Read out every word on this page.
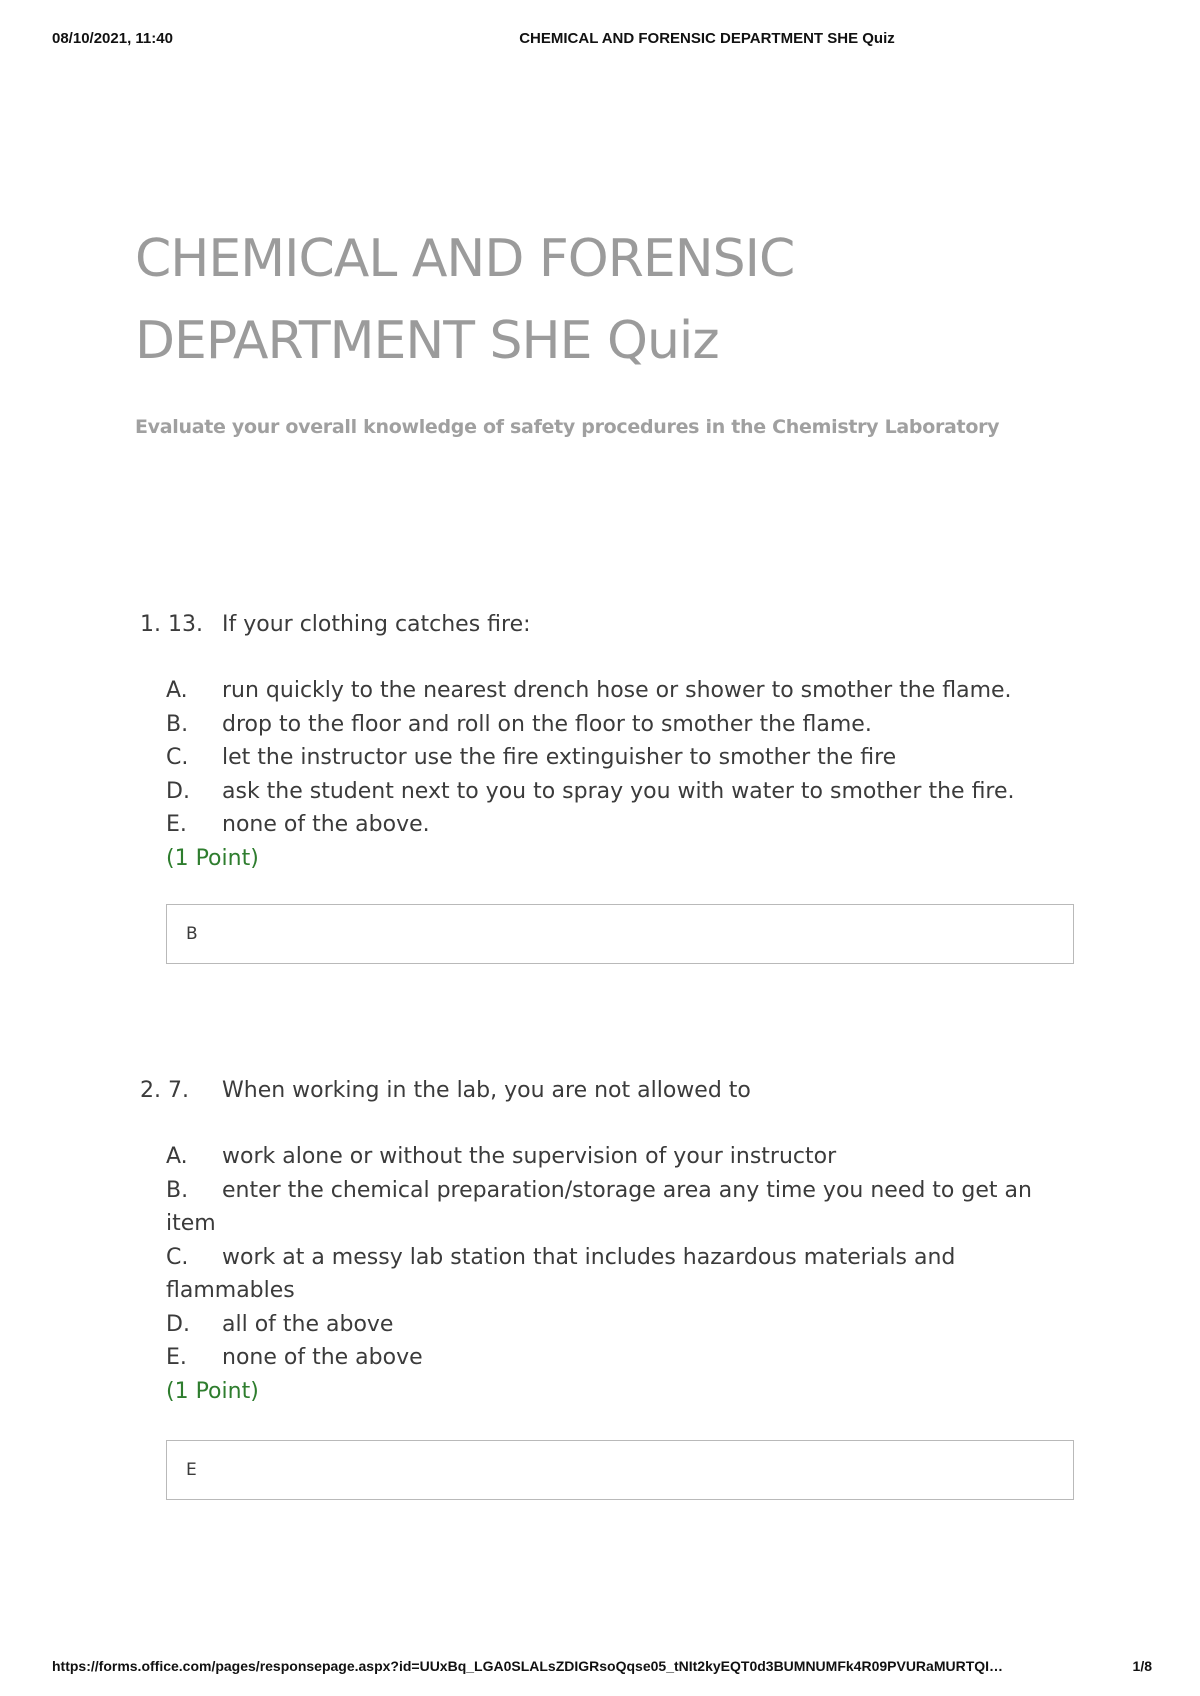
08/10/2021, 11:40	CHEMICAL AND FORENSIC DEPARTMENT SHE Quiz
CHEMICAL AND FORENSIC
DEPARTMENT SHE Quiz
Evaluate your overall knowledge of safety procedures in the Chemistry Laboratory
1. 13. If your clothing catches fire:
A. run quickly to the nearest drench hose or shower to smother the flame.
B. drop to the floor and roll on the floor to smother the flame.
C. let the instructor use the fire extinguisher to smother the fire
D. ask the student next to you to spray you with water to smother the fire.
E. none of the above.
(1 Point)
B
2. 7. When working in the lab, you are not allowed to
A. work alone or without the supervision of your instructor
B. enter the chemical preparation/storage area any time you need to get an item
C. work at a messy lab station that includes hazardous materials and flammables
D. all of the above
E. none of the above
(1 Point)
E
https://forms.office.com/pages/responsepage.aspx?id=UUxBq_LGA0SLALsZDIGRsoQqse05_tNIt2kyEQT0d3BUMNUMFk4R09PVURaMURTQI…	1/8
